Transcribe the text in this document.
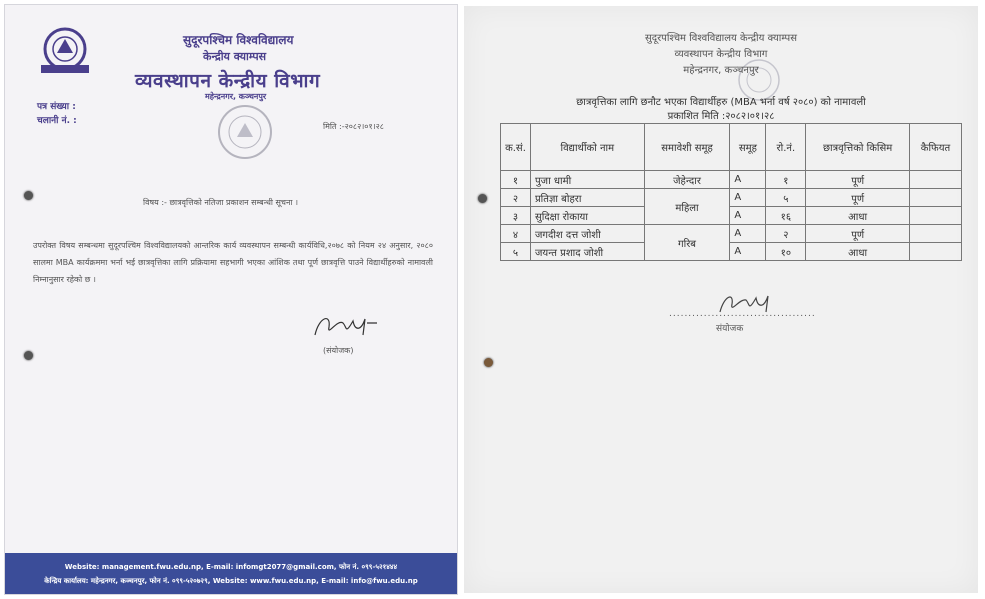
सुदूरपश्चिम विश्वविद्यालय
केन्द्रीय क्याम्पस
व्यवस्थापन केन्द्रीय विभाग
महेन्द्रनगर, कञ्चनपुर
पत्र संख्या :
चलानी नं. :
मिति :-२०८२।०१।२८
विषय :- छात्रवृत्तिको नतिजा प्रकाशन सम्बन्धी सूचना ।
उपरोक्त विषय सम्बन्धमा सुदूरपश्चिम विश्वविद्यालयको आन्तरिक कार्य व्यवस्थापन सम्बन्धी कार्यविधि,२०७८ को नियम २४ अनुसार, २०८० सालमा MBA कार्यक्रममा भर्ना भई छात्रवृत्तिका लागि प्रक्रियामा सहभागी भएका आंशिक तथा पूर्ण छात्रवृत्ति पाउने विद्यार्थीहरुको नामावली निम्नानुसार रहेको छ ।
(संयोजक)
Website: management.fwu.edu.np, E-mail: infomgt2077@gmail.com, फोन नं. ०९९-५२१४४४
केन्द्रिय कार्यालय: महेन्द्रनगर, कञ्चनपुर, फोन नं. ०९९-५२०७२९, Website: www.fwu.edu.np, E-mail: info@fwu.edu.np
सुदूरपश्चिम विश्वविद्यालय केन्द्रीय क्याम्पस
व्यवस्थापन केन्द्रीय विभाग
महेन्द्रनगर, कञ्चनपुर
छात्रवृत्तिका लागि छनौट भएका विद्यार्थीहरु (MBA भर्ना वर्ष २०८०) को नामावली
प्रकाशित मिति :२०८२।०१।२८
क.सं.	विद्यार्थीको नाम	समावेशी समूह	समूह	रो.नं.	छात्रवृत्तिको किसिम	कैफियत
१	पुजा धामी	जेहेन्दार	A	१	पूर्ण	
२	प्रतिज्ञा बोहरा	महिला	A	५	पूर्ण	
३	सुदिक्षा रोकाया		A	१६	आधा	
४	जगदीश दत्त जोशी	गरिब	A	२	पूर्ण	
५	जयन्त प्रशाद जोशी		A	१०	आधा	
......................................
संयोजक
